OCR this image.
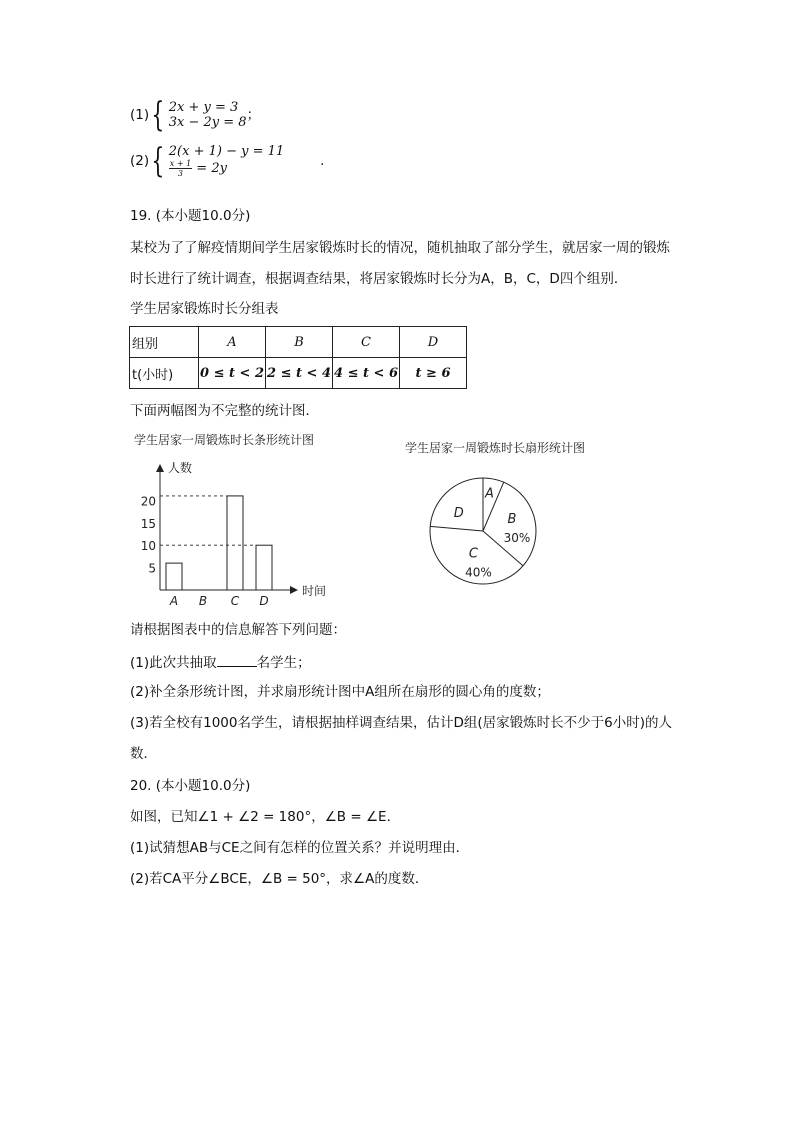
(1) { 2x + y = 3
3x − 2y = 8 ；
(2) { 2(x + 1) − y = 11
$\frac{x + 1}{3} = 2y$	.
19. (本小题10.0分)
某校为了了解疫情期间学生居家锻炼时长的情况，随机抽取了部分学生，就居家一周的锻炼
时长进行了统计调查，根据调查结果，将居家锻炼时长分为A，B，C，D四个组别．
学生居家锻炼时长分组表
组别	A	B	C	D
t(小时)	0 ≤ t < 2	2 ≤ t < 4	4 ≤ t < 6	t ≥ 6
下面两幅图为不完整的统计图．
学生居家一周锻炼时长条形统计图
人数
时间
5
10
15
20
A B C D
学生居家一周锻炼时长扇形统计图
A
B
30%
C
40%
D
请根据图表中的信息解答下列问题：
(1)此次共抽取	名学生；
(2)补全条形统计图，并求扇形统计图中A组所在扇形的圆心角的度数；
(3)若全校有1000名学生，请根据抽样调查结果，估计D组(居家锻炼时长不少于6小时)的人
数．
20. (本小题10.0分)
如图，已知∠1 + ∠2 = 180°，∠B = ∠E．
(1)试猜想AB与CE之间有怎样的位置关系？并说明理由．
(2)若CA平分∠BCE，∠B = 50°，求∠A的度数．
